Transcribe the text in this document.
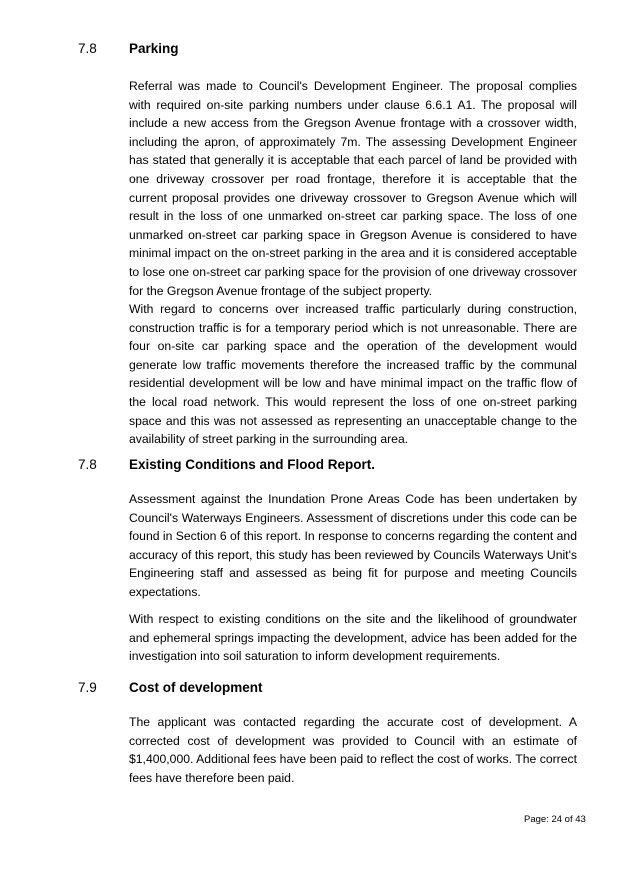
7.8 Parking

Referral was made to Council's Development Engineer. The proposal complies with required on-site parking numbers under clause 6.6.1 A1. The proposal will include a new access from the Gregson Avenue frontage with a crossover width, including the apron, of approximately 7m. The assessing Development Engineer has stated that generally it is acceptable that each parcel of land be provided with one driveway crossover per road frontage, therefore it is acceptable that the current proposal provides one driveway crossover to Gregson Avenue which will result in the loss of one unmarked on-street car parking space. The loss of one unmarked on-street car parking space in Gregson Avenue is considered to have minimal impact on the on-street parking in the area and it is considered acceptable to lose one on-street car parking space for the provision of one driveway crossover for the Gregson Avenue frontage of the subject property.

With regard to concerns over increased traffic particularly during construction, construction traffic is for a temporary period which is not unreasonable. There are four on-site car parking space and the operation of the development would generate low traffic movements therefore the increased traffic by the communal residential development will be low and have minimal impact on the traffic flow of the local road network. This would represent the loss of one on-street parking space and this was not assessed as representing an unacceptable change to the availability of street parking in the surrounding area.

7.8 Existing Conditions and Flood Report.

Assessment against the Inundation Prone Areas Code has been undertaken by Council's Waterways Engineers. Assessment of discretions under this code can be found in Section 6 of this report. In response to concerns regarding the content and accuracy of this report, this study has been reviewed by Councils Waterways Unit's Engineering staff and assessed as being fit for purpose and meeting Councils expectations.

With respect to existing conditions on the site and the likelihood of groundwater and ephemeral springs impacting the development, advice has been added for the investigation into soil saturation to inform development requirements.

7.9 Cost of development

The applicant was contacted regarding the accurate cost of development. A corrected cost of development was provided to Council with an estimate of $1,400,000. Additional fees have been paid to reflect the cost of works. The correct fees have therefore been paid.

Page: 24 of 43
